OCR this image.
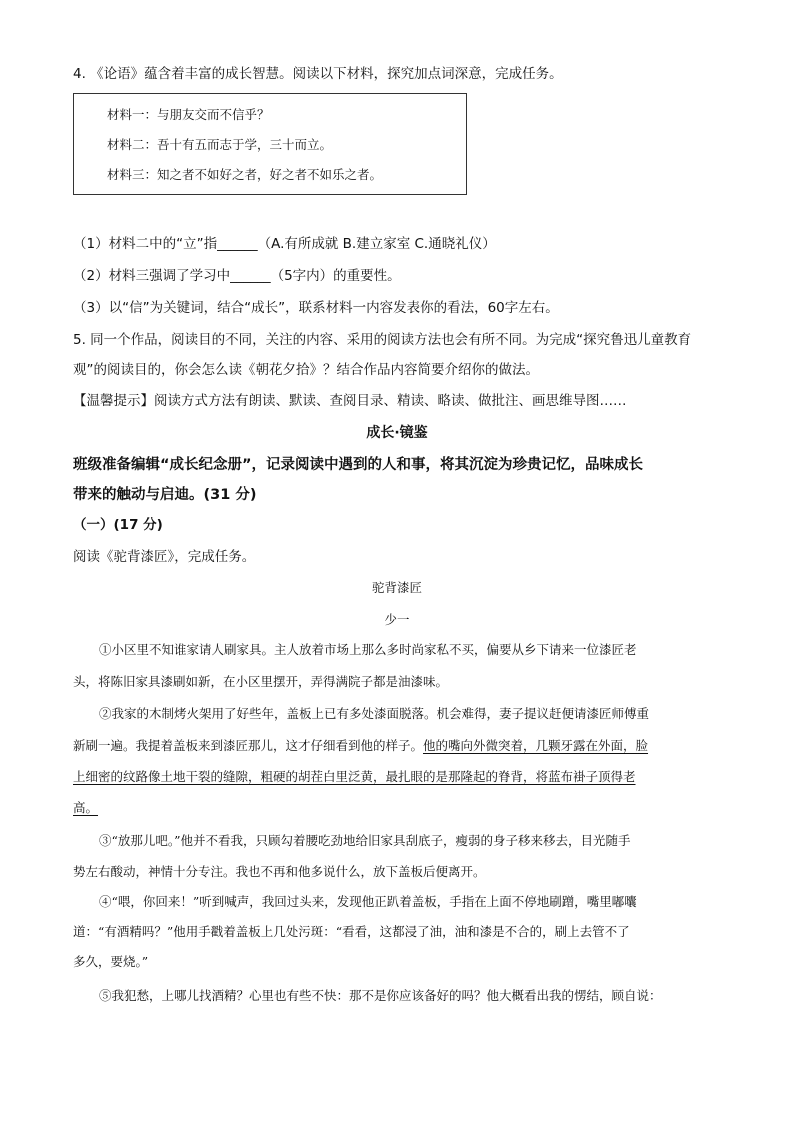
4. 《论语》蕴含着丰富的成长智慧。阅读以下材料，探究加点词深意，完成任务。
材料一：与朋友交而不信乎？
材料二：吾十有五而志于学，三十而立。
材料三：知之者不如好之者，好之者不如乐之者。
（1）材料二中的“立”指______（A.有所成就 B.建立家室 C.通晓礼仪）
（2）材料三强调了学习中______（5字内）的重要性。
（3）以“信”为关键词，结合“成长”，联系材料一内容发表你的看法，60字左右。
5. 同一个作品，阅读目的不同，关注的内容、采用的阅读方法也会有所不同。为完成“探究鲁迅儿童教育
观”的阅读目的，你会怎么读《朝花夕拾》？结合作品内容简要介绍你的做法。
【温馨提示】阅读方式方法有朗读、默读、查阅目录、精读、略读、做批注、画思维导图……
成长·镜鉴
班级准备编辑“成长纪念册”，记录阅读中遇到的人和事，将其沉淀为珍贵记忆，品味成长
带来的触动与启迪。(31 分)
（一）(17 分)
阅读《驼背漆匠》，完成任务。
驼背漆匠
少一
①小区里不知谁家请人刷家具。主人放着市场上那么多时尚家私不买，偏要从乡下请来一位漆匠老
头，将陈旧家具漆刷如新，在小区里摆开，弄得满院子都是油漆味。
②我家的木制烤火架用了好些年，盖板上已有多处漆面脱落。机会难得，妻子提议赶便请漆匠师傅重
新刷一遍。我提着盖板来到漆匠那儿，这才仔细看到他的样子。他的嘴向外微突着，几颗牙露在外面，脸
上细密的纹路像土地干裂的缝隙，粗硬的胡茬白里泛黄，最扎眼的是那隆起的脊背，将蓝布褂子顶得老
高。
③“放那儿吧。”他并不看我，只顾勾着腰吃劲地给旧家具刮底子，瘦弱的身子移来移去，目光随手
势左右酸动，神情十分专注。我也不再和他多说什么，放下盖板后便离开。
④“喂，你回来！”听到喊声，我回过头来，发现他正趴着盖板，手指在上面不停地刷蹭，嘴里嘟囔
道：“有酒精吗？”他用手戳着盖板上几处污斑：“看看，这都浸了油，油和漆是不合的，刷上去管不了
多久，要烧。”
⑤我犯愁，上哪儿找酒精？心里也有些不快：那不是你应该备好的吗？他大概看出我的愣结，顾自说：
